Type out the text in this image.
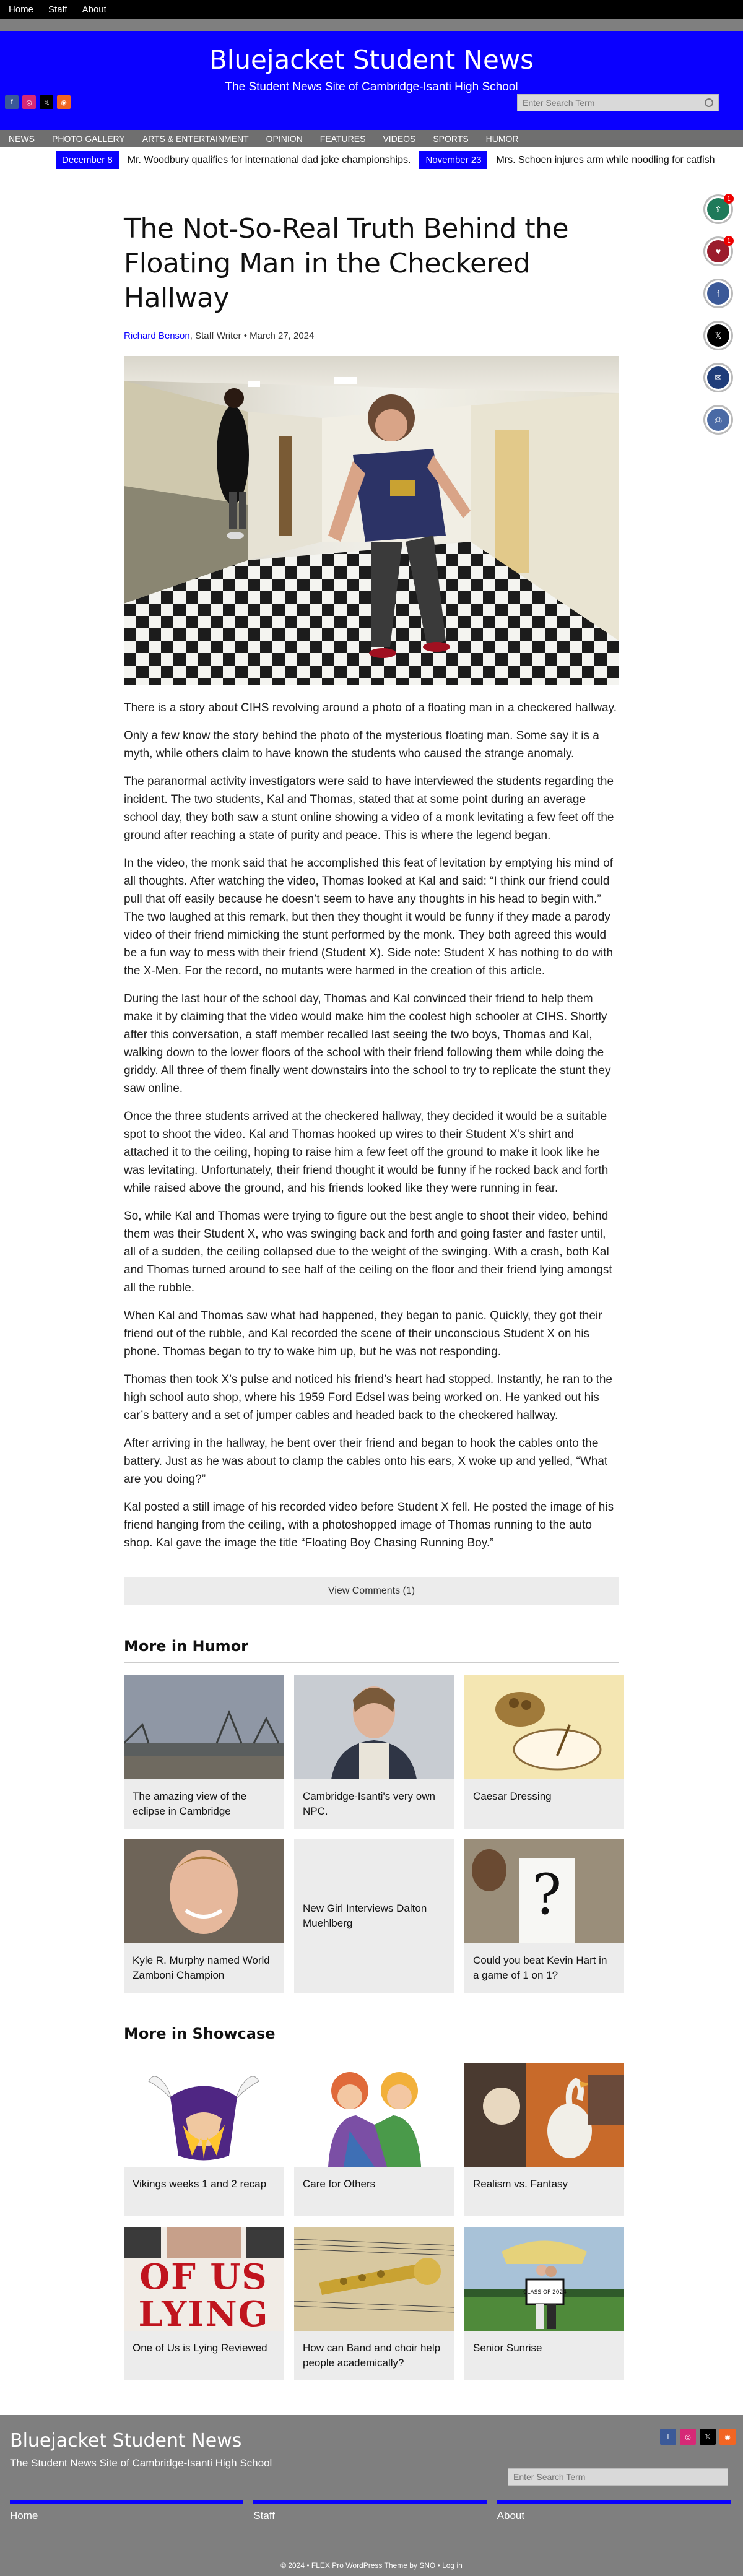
Home Staff About
Bluejacket Student News
The Student News Site of Cambridge-Isanti High School
f	◎	𝕏	◉
Enter Search Term
NEWS PHOTO GALLERY ARTS & ENTERTAINMENT OPINION FEATURES VIDEOS SPORTS HUMOR
December 8	Mr. Woodbury qualifies for international dad joke championships.	November 23	Mrs. Schoen injures arm while noodling for catfish
⇪
1
♥
1
f
𝕏
✉
⎙
The Not-So-Real Truth Behind the Floating Man in the Checkered Hallway
Richard Benson, Staff Writer • March 27, 2024

There is a story about CIHS revolving around a photo of a floating man in a checkered hallway.

Only a few know the story behind the photo of the mysterious floating man. Some say it is a myth, while others claim to have known the students who caused the strange anomaly.

The paranormal activity investigators were said to have interviewed the students regarding the incident. The two students, Kal and Thomas, stated that at some point during an average school day, they both saw a stunt online showing a video of a monk levitating a few feet off the ground after reaching a state of purity and peace. This is where the legend began.

In the video, the monk said that he accomplished this feat of levitation by emptying his mind of all thoughts. After watching the video, Thomas looked at Kal and said: “I think our friend could pull that off easily because he doesn’t seem to have any thoughts in his head to begin with.” The two laughed at this remark, but then they thought it would be funny if they made a parody video of their friend mimicking the stunt performed by the monk. They both agreed this would be a fun way to mess with their friend (Student X). Side note: Student X has nothing to do with the X-Men. For the record, no mutants were harmed in the creation of this article.

During the last hour of the school day, Thomas and Kal convinced their friend to help them make it by claiming that the video would make him the coolest high schooler at CIHS. Shortly after this conversation, a staff member recalled last seeing the two boys, Thomas and Kal, walking down to the lower floors of the school with their friend following them while doing the griddy. All three of them finally went downstairs into the school to try to replicate the stunt they saw online.

Once the three students arrived at the checkered hallway, they decided it would be a suitable spot to shoot the video. Kal and Thomas hooked up wires to their Student X’s shirt and attached it to the ceiling, hoping to raise him a few feet off the ground to make it look like he was levitating. Unfortunately, their friend thought it would be funny if he rocked back and forth while raised above the ground, and his friends looked like they were running in fear.

So, while Kal and Thomas were trying to figure out the best angle to shoot their video, behind them was their Student X, who was swinging back and forth and going faster and faster until, all of a sudden, the ceiling collapsed due to the weight of the swinging. With a crash, both Kal and Thomas turned around to see half of the ceiling on the floor and their friend lying amongst all the rubble.

When Kal and Thomas saw what had happened, they began to panic. Quickly, they got their friend out of the rubble, and Kal recorded the scene of their unconscious Student X on his phone. Thomas began to try to wake him up, but he was not responding.

Thomas then took X’s pulse and noticed his friend’s heart had stopped. Instantly, he ran to the high school auto shop, where his 1959 Ford Edsel was being worked on. He yanked out his car’s battery and a set of jumper cables and headed back to the checkered hallway.

After arriving in the hallway, he bent over their friend and began to hook the cables onto the battery. Just as he was about to clamp the cables onto his ears, X woke up and yelled, “What are you doing?”

Kal posted a still image of his recorded video before Student X fell. He posted the image of his friend hanging from the ceiling, with a photoshopped image of Thomas running to the auto shop. Kal gave the image the title “Floating Boy Chasing Running Boy.”

View Comments (1)
More in Humor
The amazing view of the eclipse in Cambridge
Cambridge-Isanti's very own NPC.
Caesar Dressing
Kyle R. Murphy named World Zamboni Champion
New Girl Interviews Dalton Muehlberg	?
Could you beat Kevin Hart in a game of 1 on 1?
More in Showcase
Vikings weeks 1 and 2 recap	Care for Others	Realism vs. Fantasy
OF US
LYING
One of Us is Lying Reviewed	How can Band and choir help people academically?
CLASS OF 2024
Senior Sunrise
Bluejacket Student News
The Student News Site of Cambridge-Isanti High School
f	◎	𝕏	◉
Enter Search Term
Home	Staff	About
© 2024 • FLEX Pro WordPress Theme by SNO • Log in
